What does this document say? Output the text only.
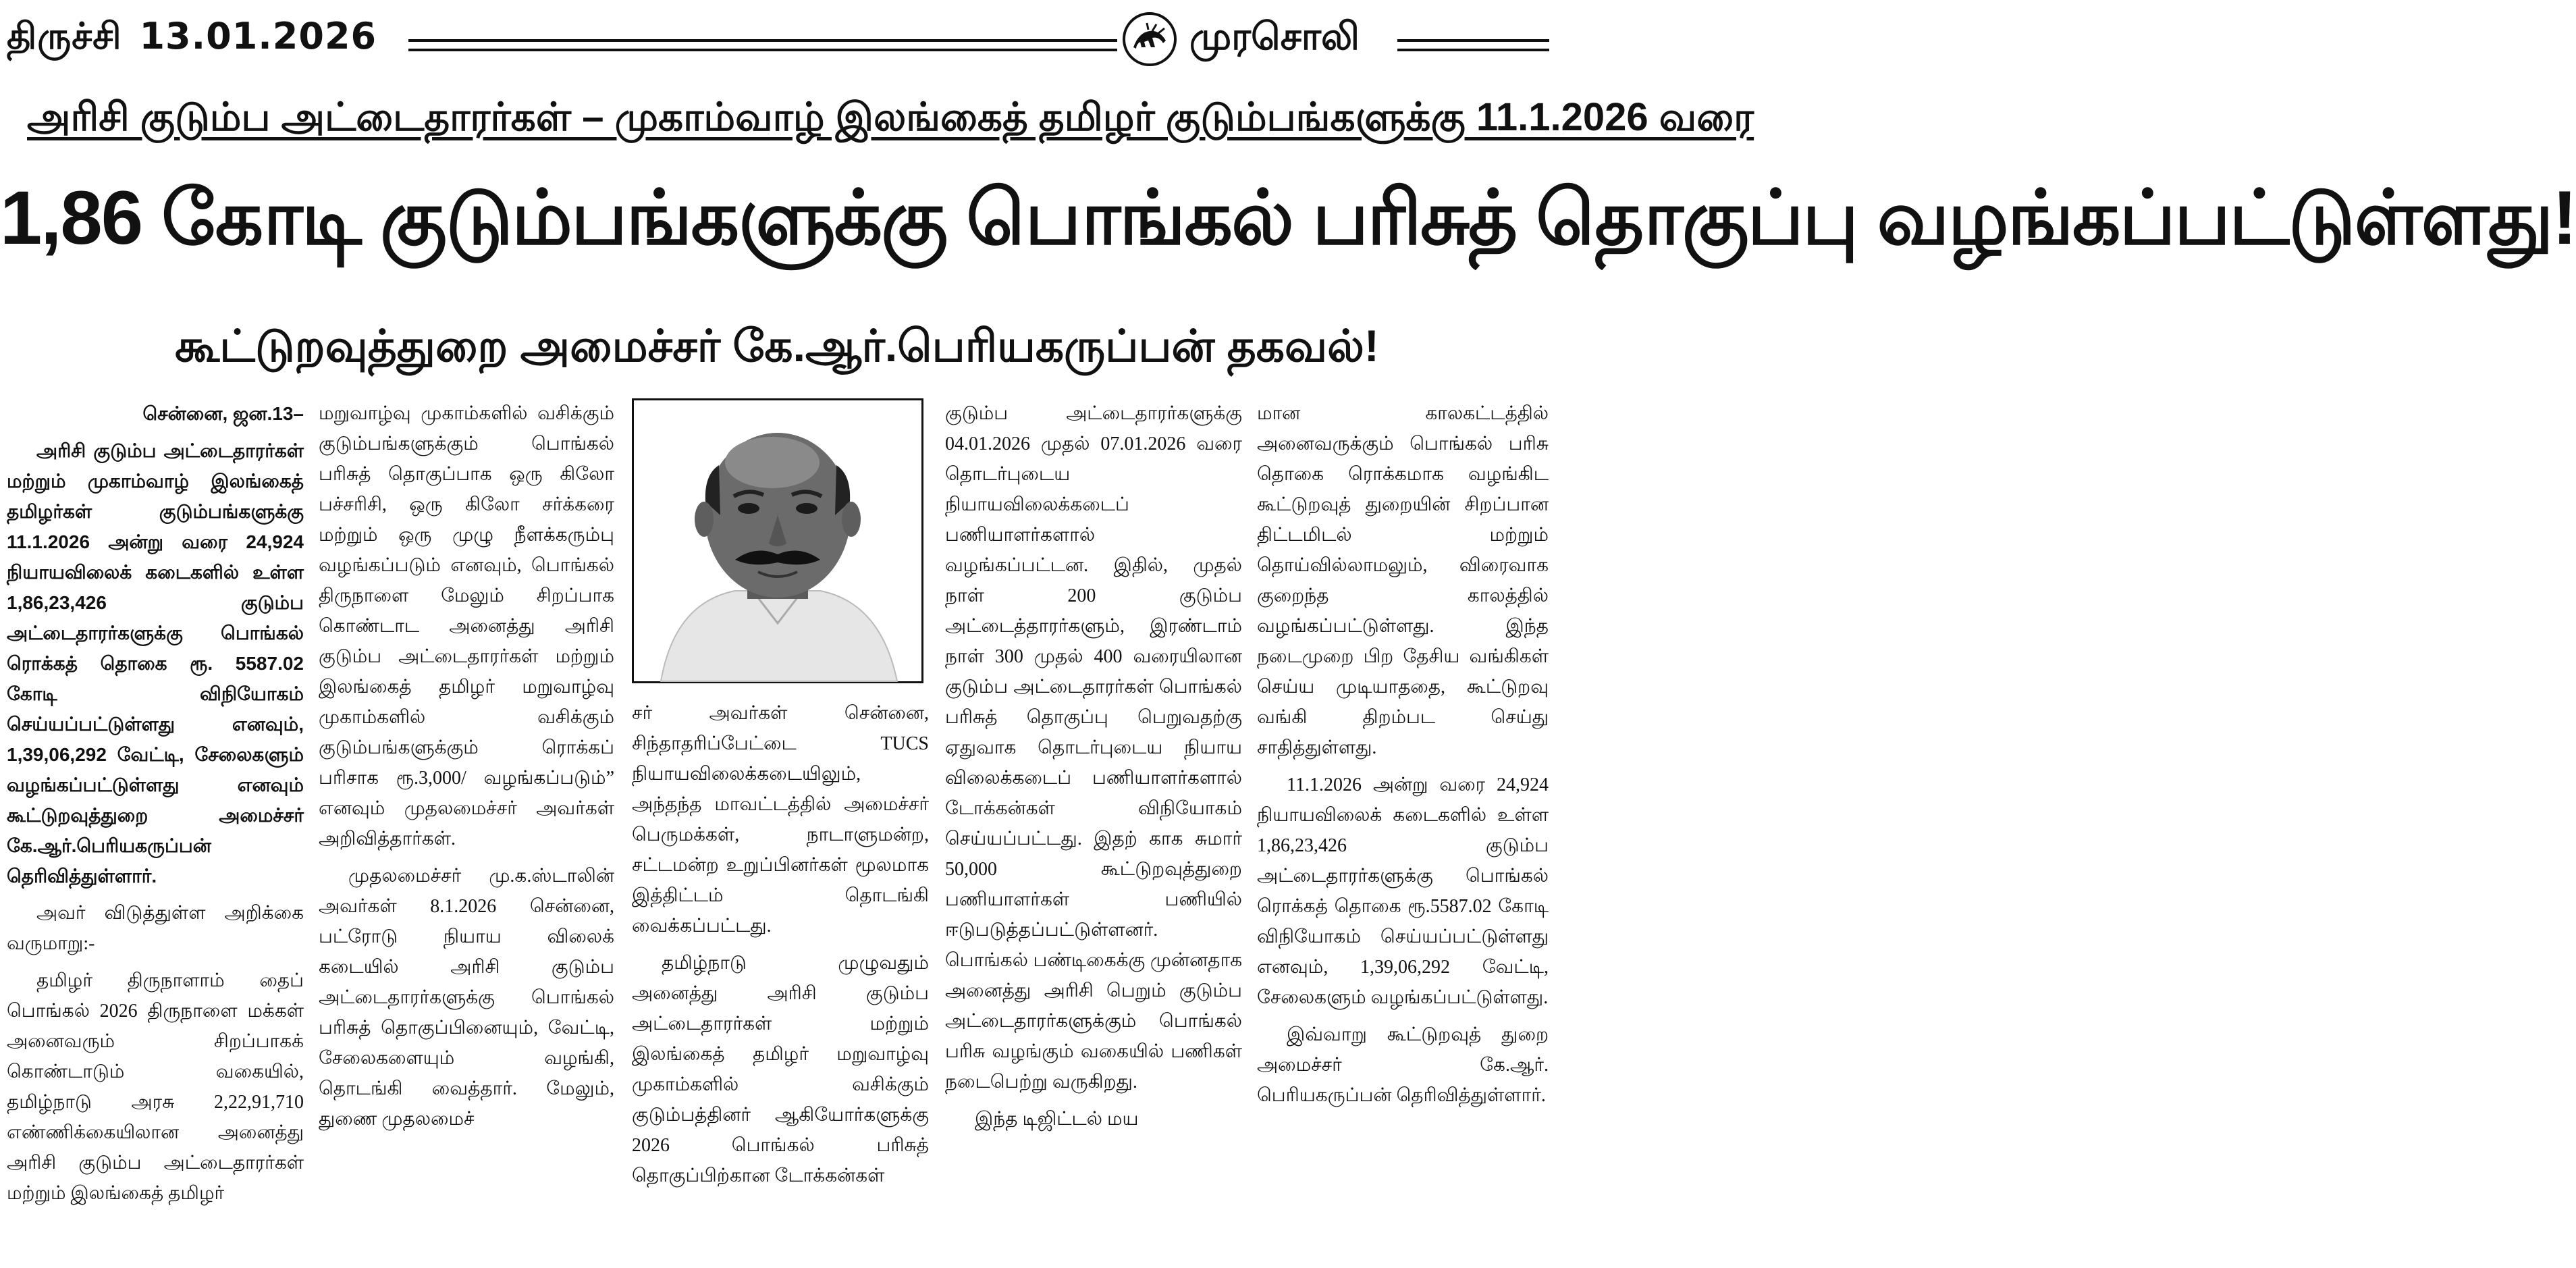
திருச்சி 13.01.2026	முரசொலி
அரிசி குடும்ப அட்டைதாரர்கள் – முகாம்வாழ் இலங்கைத் தமிழர் குடும்பங்களுக்கு 11.1.2026 வரை
1,86 கோடி குடும்பங்களுக்கு பொங்கல் பரிசுத் தொகுப்பு வழங்கப்பட்டுள்ளது!
கூட்டுறவுத்துறை அமைச்சர் கே.ஆர்.பெரியகருப்பன் தகவல்!

சென்னை, ஜன.13–

அரிசி குடும்ப அட்டைதாரர்கள் மற்றும் முகாம்வாழ் இலங்கைத் தமிழர்கள் குடும்பங்களுக்கு 11.1.2026 அன்று வரை 24,924 நியாயவிலைக் கடைகளில் உள்ள 1,86,23,426 குடும்ப அட்டைதாரர்களுக்கு பொங்கல் ரொக்கத் தொகை ரூ. 5587.02 கோடி விநியோகம் செய்யப்பட்டுள்ளது எனவும், 1,39,06,292 வேட்டி, சேலைகளும் வழங்கப்பட்டுள்ளது எனவும் கூட்டுறவுத்துறை அமைச்சர் கே.ஆர்.பெரியகருப்பன் தெரிவித்துள்ளார்.

அவர் விடுத்துள்ள அறிக்கை வருமாறு:-

தமிழர் திருநாளாம் தைப் பொங்கல் 2026 திருநாளை மக்கள் அனைவரும் சிறப்பாகக் கொண்டாடும் வகையில், தமிழ்நாடு அரசு 2,22,91,710 எண்ணிக்கையிலான அனைத்து அரிசி குடும்ப அட்டைதாரர்கள் மற்றும் இலங்கைத் தமிழர்

மறுவாழ்வு முகாம்களில் வசிக்கும் குடும்பங்களுக்கும் பொங்கல் பரிசுத் தொகுப்பாக ஒரு கிலோ பச்சரிசி, ஒரு கிலோ சர்க்கரை மற்றும் ஒரு முழு நீளக்கரும்பு வழங்கப்படும் எனவும், பொங்கல் திருநாளை மேலும் சிறப்பாக கொண்டாட அனைத்து அரிசி குடும்ப அட்டைதாரர்கள் மற்றும் இலங்கைத் தமிழர் மறுவாழ்வு முகாம்களில் வசிக்கும் குடும்பங்களுக்கும் ரொக்கப் பரிசாக ரூ.3,000/ வழங்கப்படும்” எனவும் முதலமைச்சர் அவர்கள் அறிவித்தார்கள்.

முதலமைச்சர் மு.க.ஸ்டாலின் அவர்கள் 8.1.2026 சென்னை, பட்ரோடு நியாய விலைக் கடையில் அரிசி குடும்ப அட்டைதாரர்களுக்கு பொங்கல் பரிசுத் தொகுப்பினையும், வேட்டி, சேலைகளையும் வழங்கி, தொடங்கி வைத்தார். மேலும், துணை முதலமைச்

சர் அவர்கள் சென்னை, சிந்தாதரிப்பேட்டை TUCS நியாயவிலைக்கடையிலும், அந்தந்த மாவட்டத்தில் அமைச்சர் பெருமக்கள், நாடாளுமன்ற, சட்டமன்ற உறுப்பினர்கள் மூலமாக இத்திட்டம் தொடங்கி வைக்கப்பட்டது.

தமிழ்நாடு முழுவதும் அனைத்து அரிசி குடும்ப அட்டைதாரர்கள் மற்றும் இலங்கைத் தமிழர் மறுவாழ்வு முகாம்களில் வசிக்கும் குடும்பத்தினர் ஆகியோர்களுக்கு 2026 பொங்கல் பரிசுத் தொகுப்பிற்கான டோக்கன்கள்

குடும்ப அட்டைதாரர்களுக்கு 04.01.2026 முதல் 07.01.2026 வரை தொடர்புடைய நியாயவிலைக்கடைப் பணியாளர்களால் வழங்கப்பட்டன. இதில், முதல் நாள் 200 குடும்ப அட்டைத்தாரர்களும், இரண்டாம் நாள் 300 முதல் 400 வரையிலான குடும்ப அட்டைதாரர்கள் பொங்கல் பரிசுத் தொகுப்பு பெறுவதற்கு ஏதுவாக தொடர்புடைய நியாய விலைக்கடைப் பணியாளர்களால் டோக்கன்கள் விநியோகம் செய்யப்பட்டது. இதற் காக சுமார் 50,000 கூட்டுறவுத்துறை பணியாளர்கள் பணியில் ஈடுபடுத்தப்பட்டுள்ளனர். பொங்கல் பண்டிகைக்கு முன்னதாக அனைத்து அரிசி பெறும் குடும்ப அட்டைதாரர்களுக்கும் பொங்கல் பரிசு வழங்கும் வகையில் பணிகள் நடைபெற்று வருகிறது.

இந்த டிஜிட்டல் மய

மான காலகட்டத்தில் அனைவருக்கும் பொங்கல் பரிசு தொகை ரொக்கமாக வழங்கிட கூட்டுறவுத் துறையின் சிறப்பான திட்டமிடல் மற்றும் தொய்வில்லாமலும், விரைவாக குறைந்த காலத்தில் வழங்கப்பட்டுள்ளது. இந்த நடைமுறை பிற தேசிய வங்கிகள் செய்ய முடியாததை, கூட்டுறவு வங்கி திறம்பட செய்து சாதித்துள்ளது.

11.1.2026 அன்று வரை 24,924 நியாயவிலைக் கடைகளில் உள்ள 1,86,23,426 குடும்ப அட்டைதாரர்களுக்கு பொங்கல் ரொக்கத் தொகை ரூ.5587.02 கோடி விநியோகம் செய்யப்பட்டுள்ளது எனவும், 1,39,06,292 வேட்டி, சேலைகளும் வழங்கப்பட்டுள்ளது.

இவ்வாறு கூட்டுறவுத் துறை அமைச்சர் கே.ஆர். பெரியகருப்பன் தெரிவித்துள்ளார்.
